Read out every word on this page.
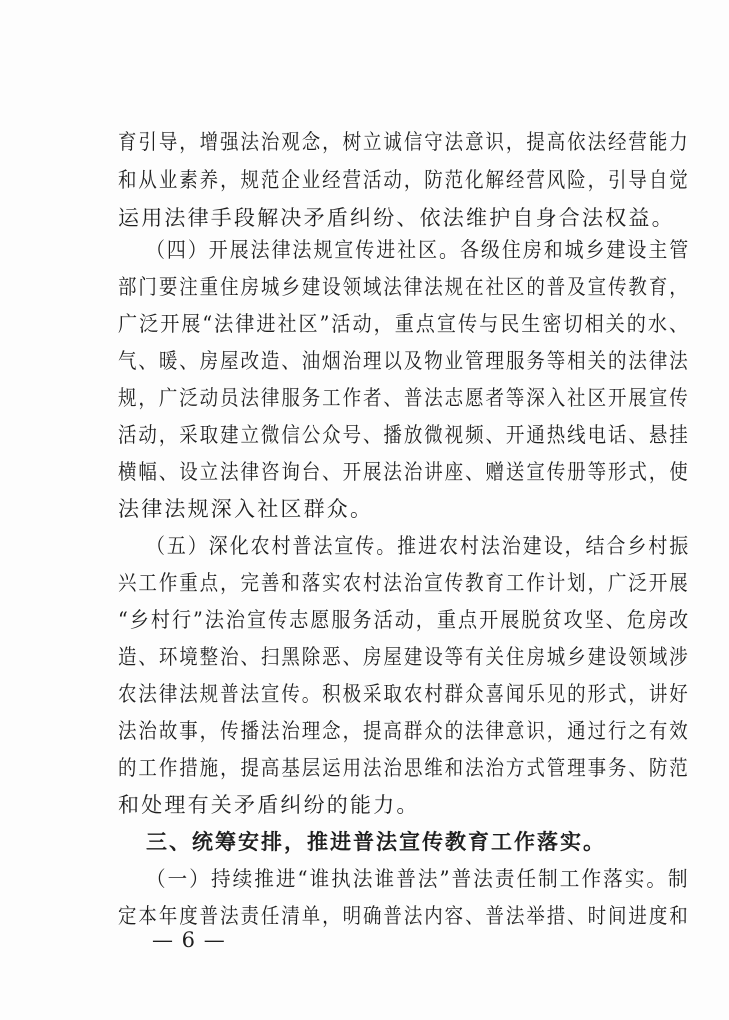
育引导，增强法治观念，树立诚信守法意识，提高依法经营能力
和从业素养，规范企业经营活动，防范化解经营风险，引导自觉
运用法律手段解决矛盾纠纷、依法维护自身合法权益。
（四）开展法律法规宣传进社区。各级住房和城乡建设主管
部门要注重住房城乡建设领域法律法规在社区的普及宣传教育，
广泛开展“法律进社区”活动，重点宣传与民生密切相关的水、
气、暖、房屋改造、油烟治理以及物业管理服务等相关的法律法
规，广泛动员法律服务工作者、普法志愿者等深入社区开展宣传
活动，采取建立微信公众号、播放微视频、开通热线电话、悬挂
横幅、设立法律咨询台、开展法治讲座、赠送宣传册等形式，使
法律法规深入社区群众。
（五）深化农村普法宣传。推进农村法治建设，结合乡村振
兴工作重点，完善和落实农村法治宣传教育工作计划，广泛开展
“乡村行”法治宣传志愿服务活动，重点开展脱贫攻坚、危房改
造、环境整治、扫黑除恶、房屋建设等有关住房城乡建设领域涉
农法律法规普法宣传。积极采取农村群众喜闻乐见的形式，讲好
法治故事，传播法治理念，提高群众的法律意识，通过行之有效
的工作措施，提高基层运用法治思维和法治方式管理事务、防范
和处理有关矛盾纠纷的能力。
三、统筹安排，推进普法宣传教育工作落实。
（一）持续推进“谁执法谁普法”普法责任制工作落实。制
定本年度普法责任清单，明确普法内容、普法举措、时间进度和
— 6 —
